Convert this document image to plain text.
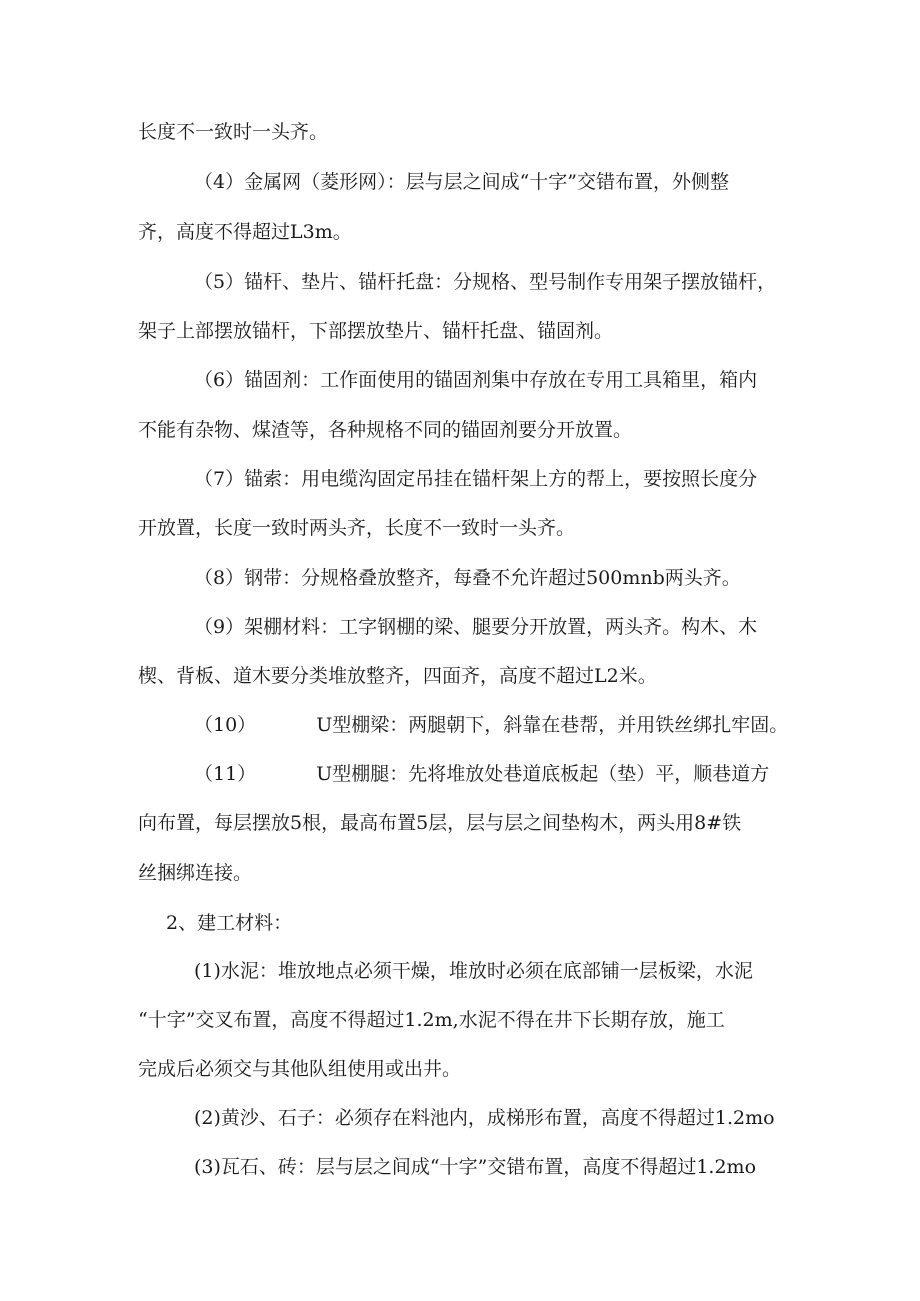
长度不一致时一头齐。
（4）金属网（菱形网）：层与层之间成“十字”交错布置，外侧整
齐，高度不得超过L3m。
（5）锚杆、垫片、锚杆托盘：分规格、型号制作专用架子摆放锚杆，
架子上部摆放锚杆，下部摆放垫片、锚杆托盘、锚固剂。
（6）锚固剂：工作面使用的锚固剂集中存放在专用工具箱里，箱内
不能有杂物、煤渣等，各种规格不同的锚固剂要分开放置。
（7）锚索：用电缆沟固定吊挂在锚杆架上方的帮上，要按照长度分
开放置，长度一致时两头齐，长度不一致时一头齐。
（8）钢带：分规格叠放整齐，每叠不允许超过500mnb两头齐。
（9）架棚材料：工字钢棚的梁、腿要分开放置，两头齐。构木、木
楔、背板、道木要分类堆放整齐，四面齐，高度不超过L2米。
（10）	U型棚梁：两腿朝下，斜靠在巷帮，并用铁丝绑扎牢固。
（11）	U型棚腿：先将堆放处巷道底板起（垫）平，顺巷道方
向布置，每层摆放5根，最高布置5层，层与层之间垫构木，两头用8#铁
丝捆绑连接。
2、建工材料：
(1)水泥：堆放地点必须干燥，堆放时必须在底部铺一层板梁，水泥
“十字”交叉布置，高度不得超过1.2m,水泥不得在井下长期存放，施工
完成后必须交与其他队组使用或出井。
(2)黄沙、石子：必须存在料池内，成梯形布置，高度不得超过1.2mo
(3)瓦石、砖：层与层之间成“十字”交错布置，高度不得超过1.2mo
